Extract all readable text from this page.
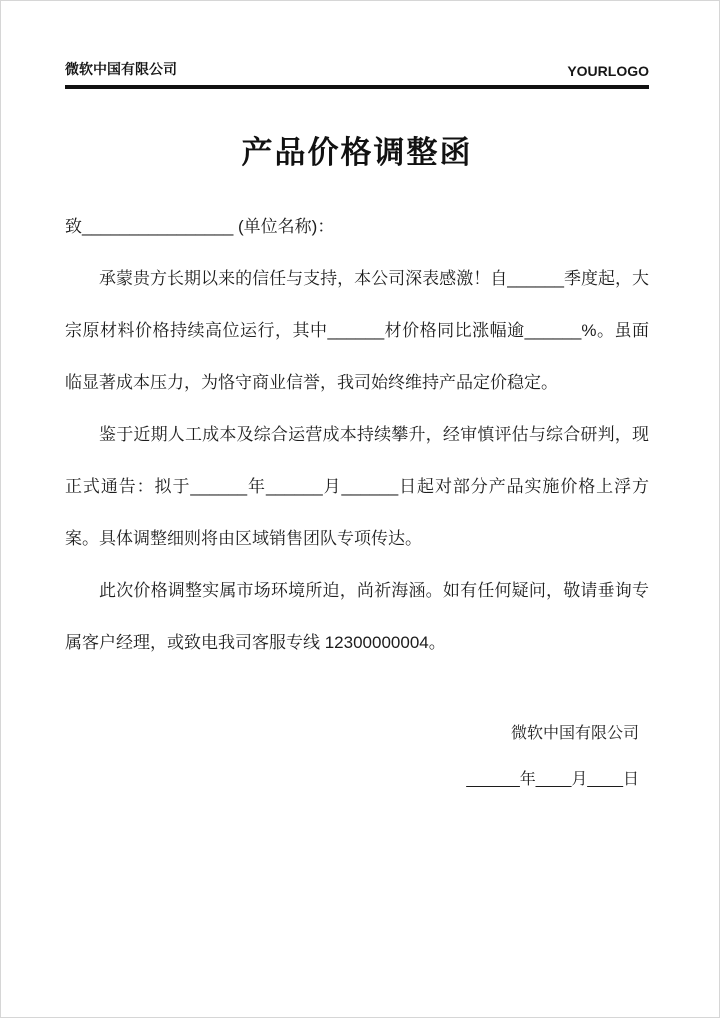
微软中国有限公司	YOURLOGO
产品价格调整函

致________________ (单位名称)：

承蒙贵方长期以来的信任与支持，本公司深表感激！自______季度起，大宗原材料价格持续高位运行，其中______材价格同比涨幅逾______%。虽面临显著成本压力，为恪守商业信誉，我司始终维持产品定价稳定。

鉴于近期人工成本及综合运营成本持续攀升，经审慎评估与综合研判，现正式通告：拟于______年______月______日起对部分产品实施价格上浮方案。具体调整细则将由区域销售团队专项传达。

此次价格调整实属市场环境所迫，尚祈海涵。如有任何疑问，敬请垂询专属客户经理，或致电我司客服专线 12300000004。

微软中国有限公司

______年____月____日
